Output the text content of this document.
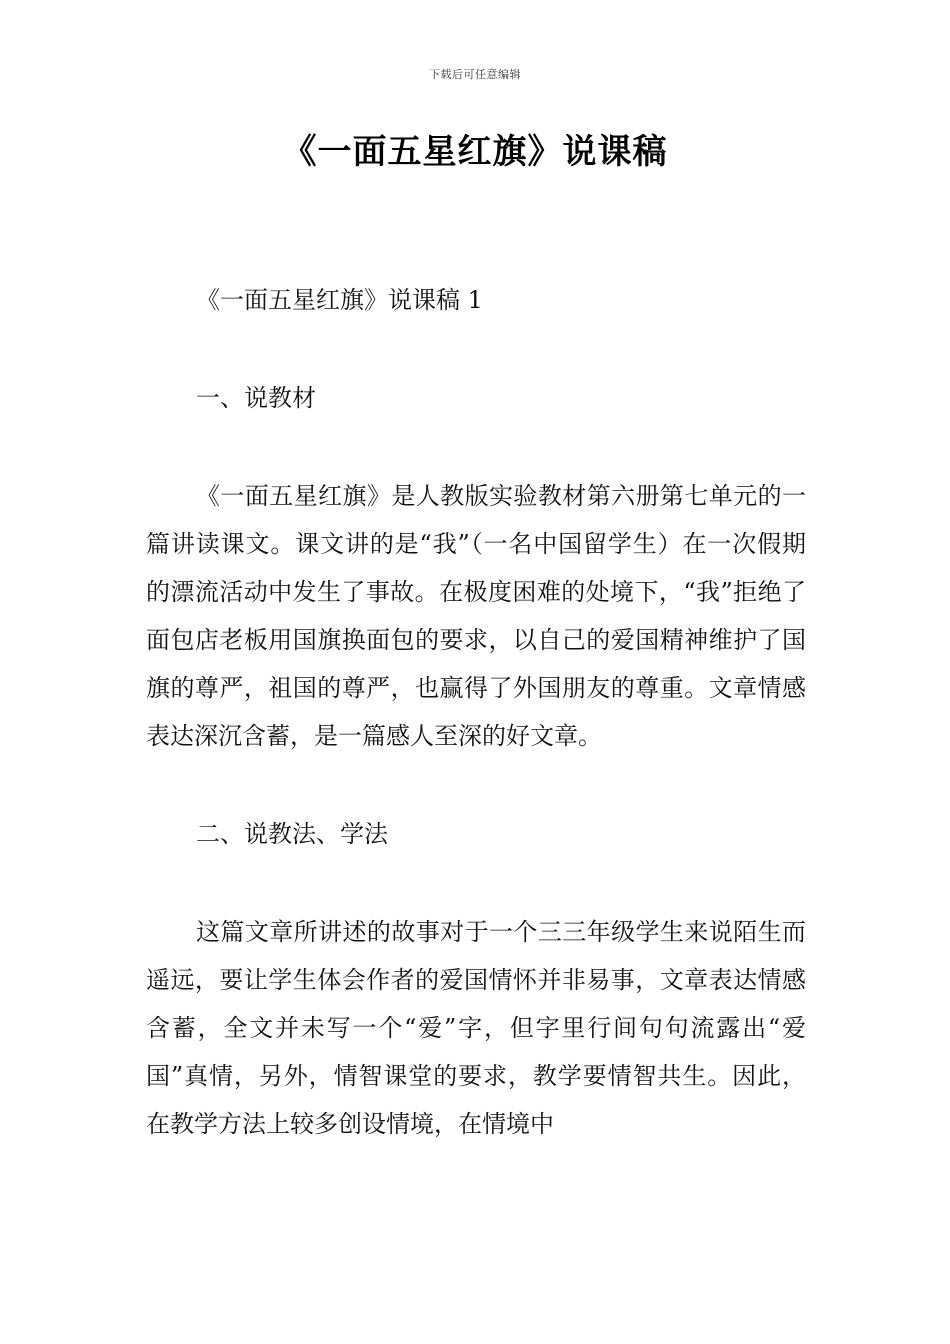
下载后可任意编辑
《一面五星红旗》说课稿

《一面五星红旗》说课稿 1

一、说教材

《一面五星红旗》是人教版实验教材第六册第七单元的一篇讲读课文。课文讲的是“我”（一名中国留学生）在一次假期的漂流活动中发生了事故。在极度困难的处境下，“我”拒绝了面包店老板用国旗换面包的要求，以自己的爱国精神维护了国旗的尊严，祖国的尊严，也赢得了外国朋友的尊重。文章情感表达深沉含蓄，是一篇感人至深的好文章。

二、说教法、学法

这篇文章所讲述的故事对于一个三三年级学生来说陌生而遥远，要让学生体会作者的爱国情怀并非易事，文章表达情感含蓄，全文并未写一个“爱”字，但字里行间句句流露出“爱国”真情，另外，情智课堂的要求，教学要情智共生。因此，在教学方法上较多创设情境，在情境中
